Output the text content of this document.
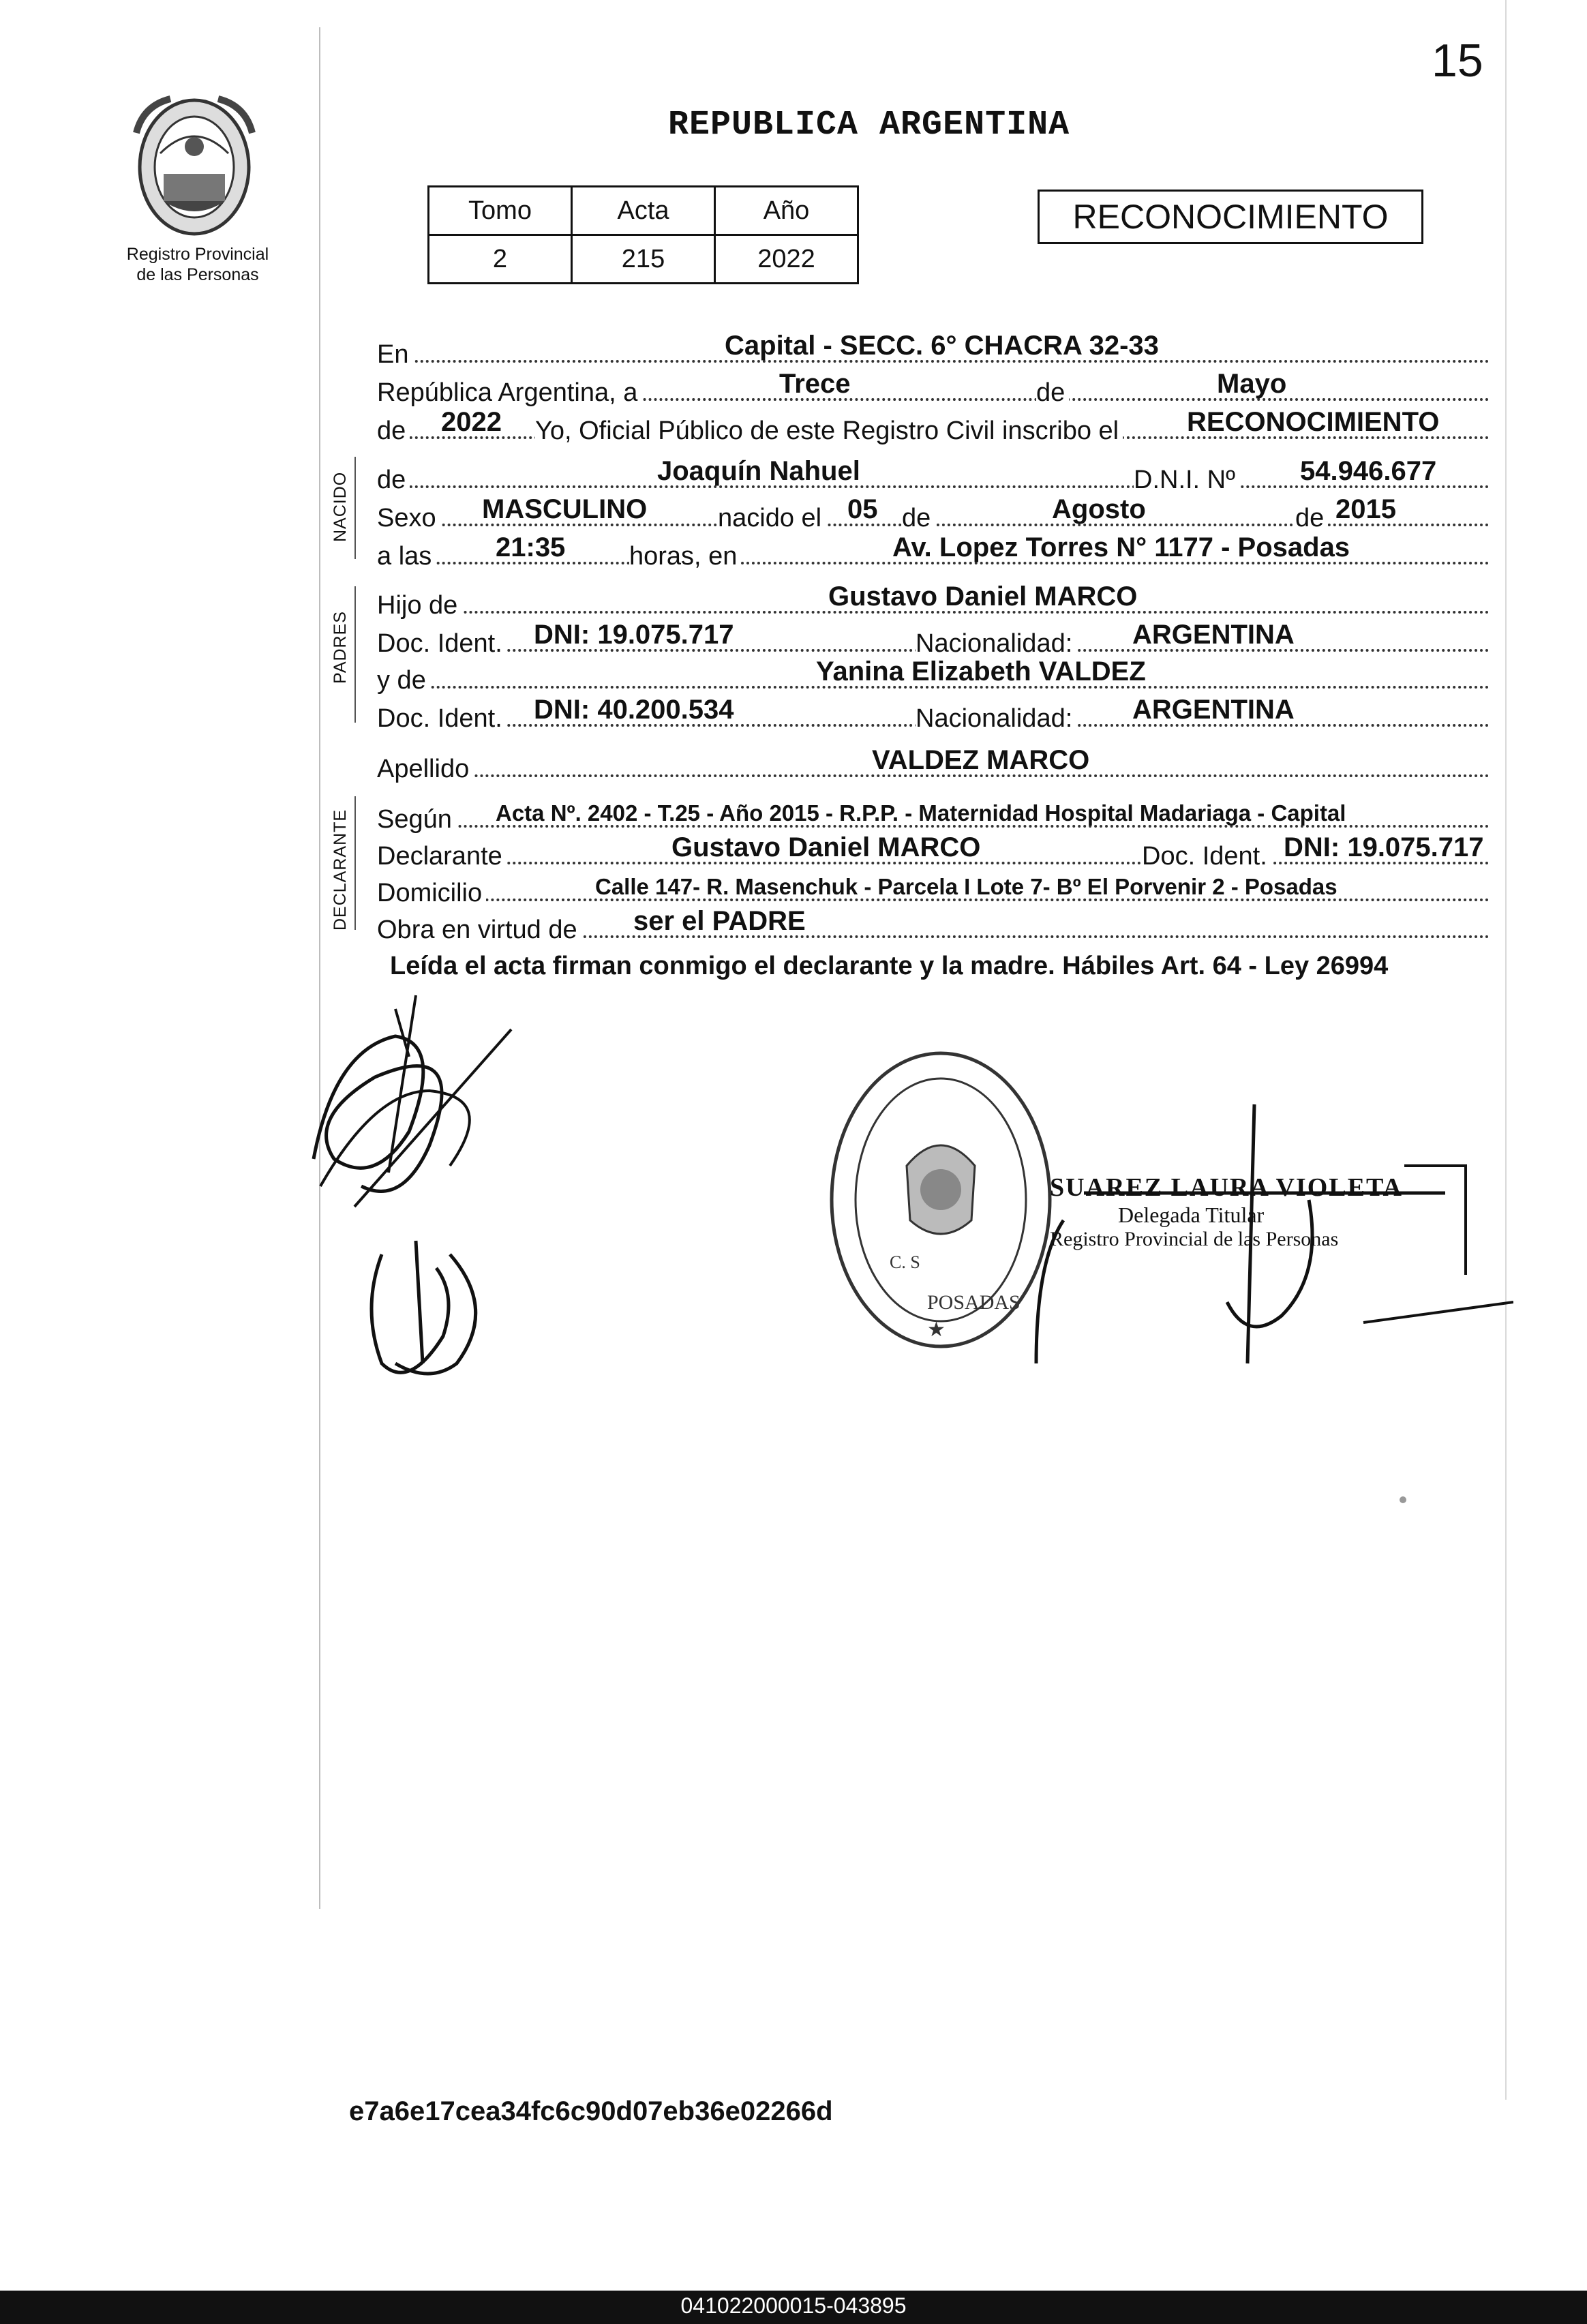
15
Registro Provincial
de las Personas
REPUBLICA ARGENTINA
Tomo	Acta	Año
2	215	2022
RECONOCIMIENTO
En	Capital - SECC. 6° CHACRA 32-33
República Argentina, a	Trece	de	Mayo
de 2022 Yo, Oficial Público de este Registro Civil inscribo el RECONOCIMIENTO
NACIDO de	Joaquín Nahuel	D.N.I. Nº 54.946.677
Sexo MASCULINO	nacido el 05 de	Agosto	de 2015
a las 21:35 horas, en	Av. Lopez Torres N° 1177 - Posadas
PADRES
Hijo de	Gustavo Daniel MARCO
Doc. Ident. DNI: 19.075.717	Nacionalidad: ARGENTINA
y de	Yanina Elizabeth VALDEZ
Doc. Ident. DNI: 40.200.534	Nacionalidad: ARGENTINA
Apellido	VALDEZ MARCO
DECLARANTE Según Acta Nº. 2402 - T.25 - Año 2015 - R.P.P. - Maternidad Hospital Madariaga - Capital
Declarante	Gustavo Daniel MARCO	Doc. Ident. DNI: 19.075.717
Domicilio	Calle 147- R. Masenchuk - Parcela I Lote 7- Bº El Porvenir 2 - Posadas
Obra en virtud de ser el PADRE
Leída el acta firman conmigo el declarante y la madre. Hábiles Art. 64 - Ley 26994
C. S
POSADAS
★
SUAREZ LAURA VIOLETA
Delegada Titular
Registro Provincial de las Personas
e7a6e17cea34fc6c90d07eb36e02266d
041022000015-043895
